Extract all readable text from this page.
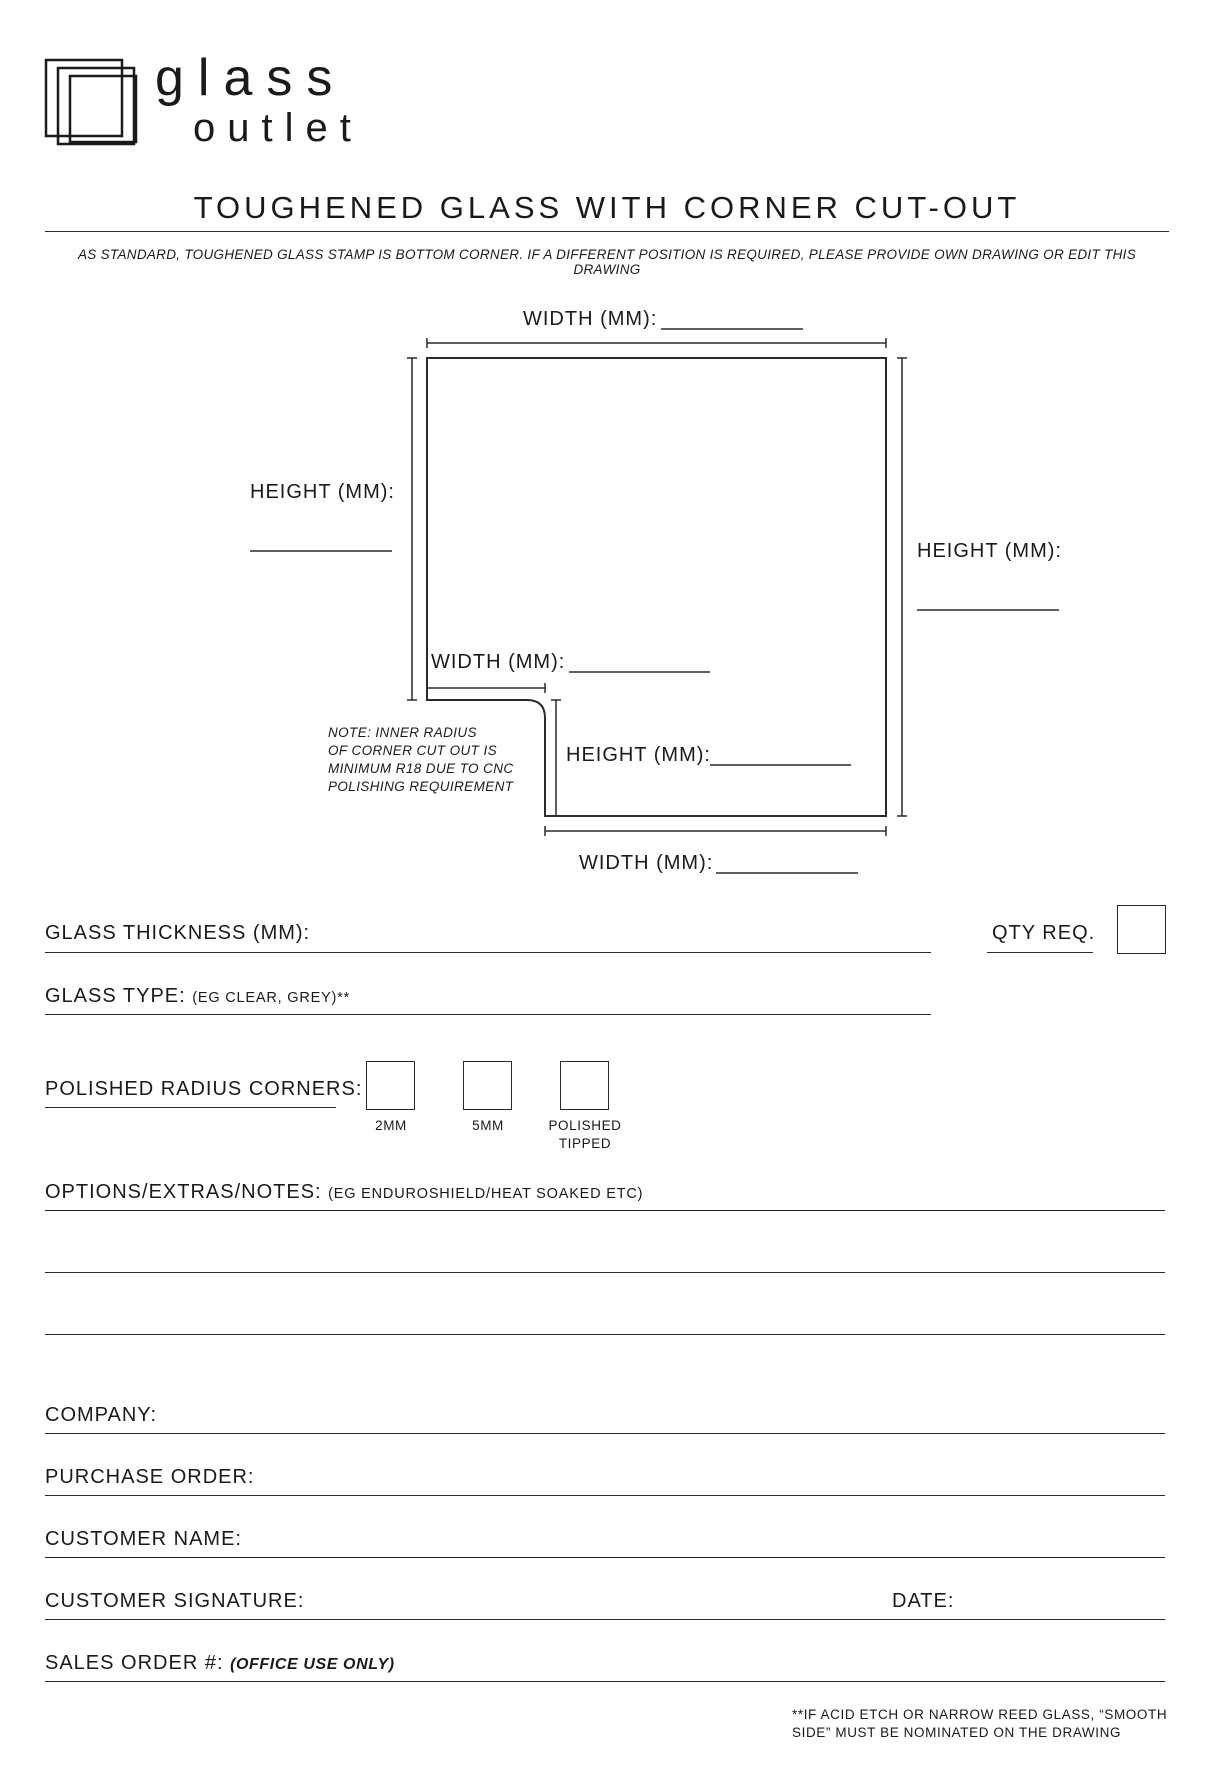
glass
outlet
TOUGHENED GLASS WITH CORNER CUT-OUT
AS STANDARD, TOUGHENED GLASS STAMP IS BOTTOM CORNER. IF A DIFFERENT POSITION IS REQUIRED, PLEASE PROVIDE OWN DRAWING OR EDIT THIS DRAWING
WIDTH (MM):
HEIGHT (MM):
HEIGHT (MM):
WIDTH (MM):
HEIGHT (MM):
WIDTH (MM):
NOTE: INNER RADIUS
OF CORNER CUT OUT IS
MINIMUM R18 DUE TO CNC
POLISHING REQUIREMENT
GLASS THICKNESS (MM):	QTY REQ.
GLASS TYPE: (EG CLEAR, GREY)**
POLISHED RADIUS CORNERS:
2MM	5MM	POLISHED
TIPPED
OPTIONS/EXTRAS/NOTES: (EG ENDUROSHIELD/HEAT SOAKED ETC)
COMPANY:
PURCHASE ORDER:
CUSTOMER NAME:
CUSTOMER SIGNATURE:	DATE:
SALES ORDER #: (OFFICE USE ONLY)
**IF ACID ETCH OR NARROW REED GLASS, “SMOOTH
SIDE” MUST BE NOMINATED ON THE DRAWING
